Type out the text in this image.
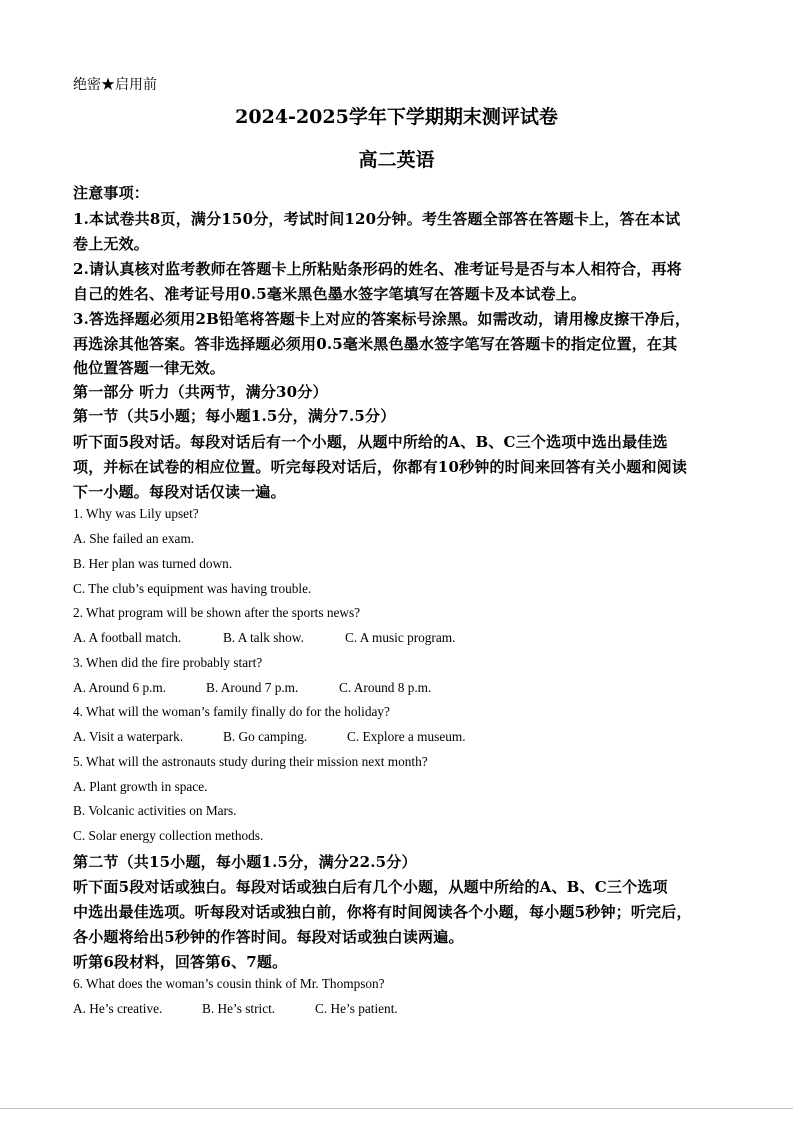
绝密★启用前

2024-2025学年下学期期末测评试卷

高二英语

注意事项：

1.本试卷共8页，满分150分，考试时间120分钟。考生答题全部答在答题卡上，答在本试

卷上无效。

2.请认真核对监考教师在答题卡上所粘贴条形码的姓名、准考证号是否与本人相符合，再将

自己的姓名、准考证号用0.5毫米黑色墨水签字笔填写在答题卡及本试卷上。

3.答选择题必须用2B铅笔将答题卡上对应的答案标号涂黑。如需改动，请用橡皮擦干净后，

再选涂其他答案。答非选择题必须用0.5毫米黑色墨水签字笔写在答题卡的指定位置，在其

他位置答题一律无效。

第一部分 听力（共两节，满分30分）

第一节（共5小题；每小题1.5分，满分7.5分）

听下面5段对话。每段对话后有一个小题，从题中所给的A、B、C三个选项中选出最佳选

项，并标在试卷的相应位置。听完每段对话后，你都有10秒钟的时间来回答有关小题和阅读

下一小题。每段对话仅读一遍。

1. Why was Lily upset?

A. She failed an exam.

B. Her plan was turned down.

C. The club’s equipment was having trouble.

2. What program will be shown after the sports news?

A. A football match.	B. A talk show.	C. A music program.

3. When did the fire probably start?

A. Around 6 p.m.	B. Around 7 p.m.	C. Around 8 p.m.

4. What will the woman’s family finally do for the holiday?

A. Visit a waterpark.	B. Go camping.	C. Explore a museum.

5. What will the astronauts study during their mission next month?

A. Plant growth in space.

B. Volcanic activities on Mars.

C. Solar energy collection methods.

第二节（共15小题，每小题1.5分，满分22.5分）

听下面5段对话或独白。每段对话或独白后有几个小题，从题中所给的A、B、C三个选项

中选出最佳选项。听每段对话或独白前，你将有时间阅读各个小题，每小题5秒钟；听完后，

各小题将给出5秒钟的作答时间。每段对话或独白读两遍。

听第6段材料，回答第6、7题。

6. What does the woman’s cousin think of Mr. Thompson?

A. He’s creative.	B. He’s strict.	C. He’s patient.
